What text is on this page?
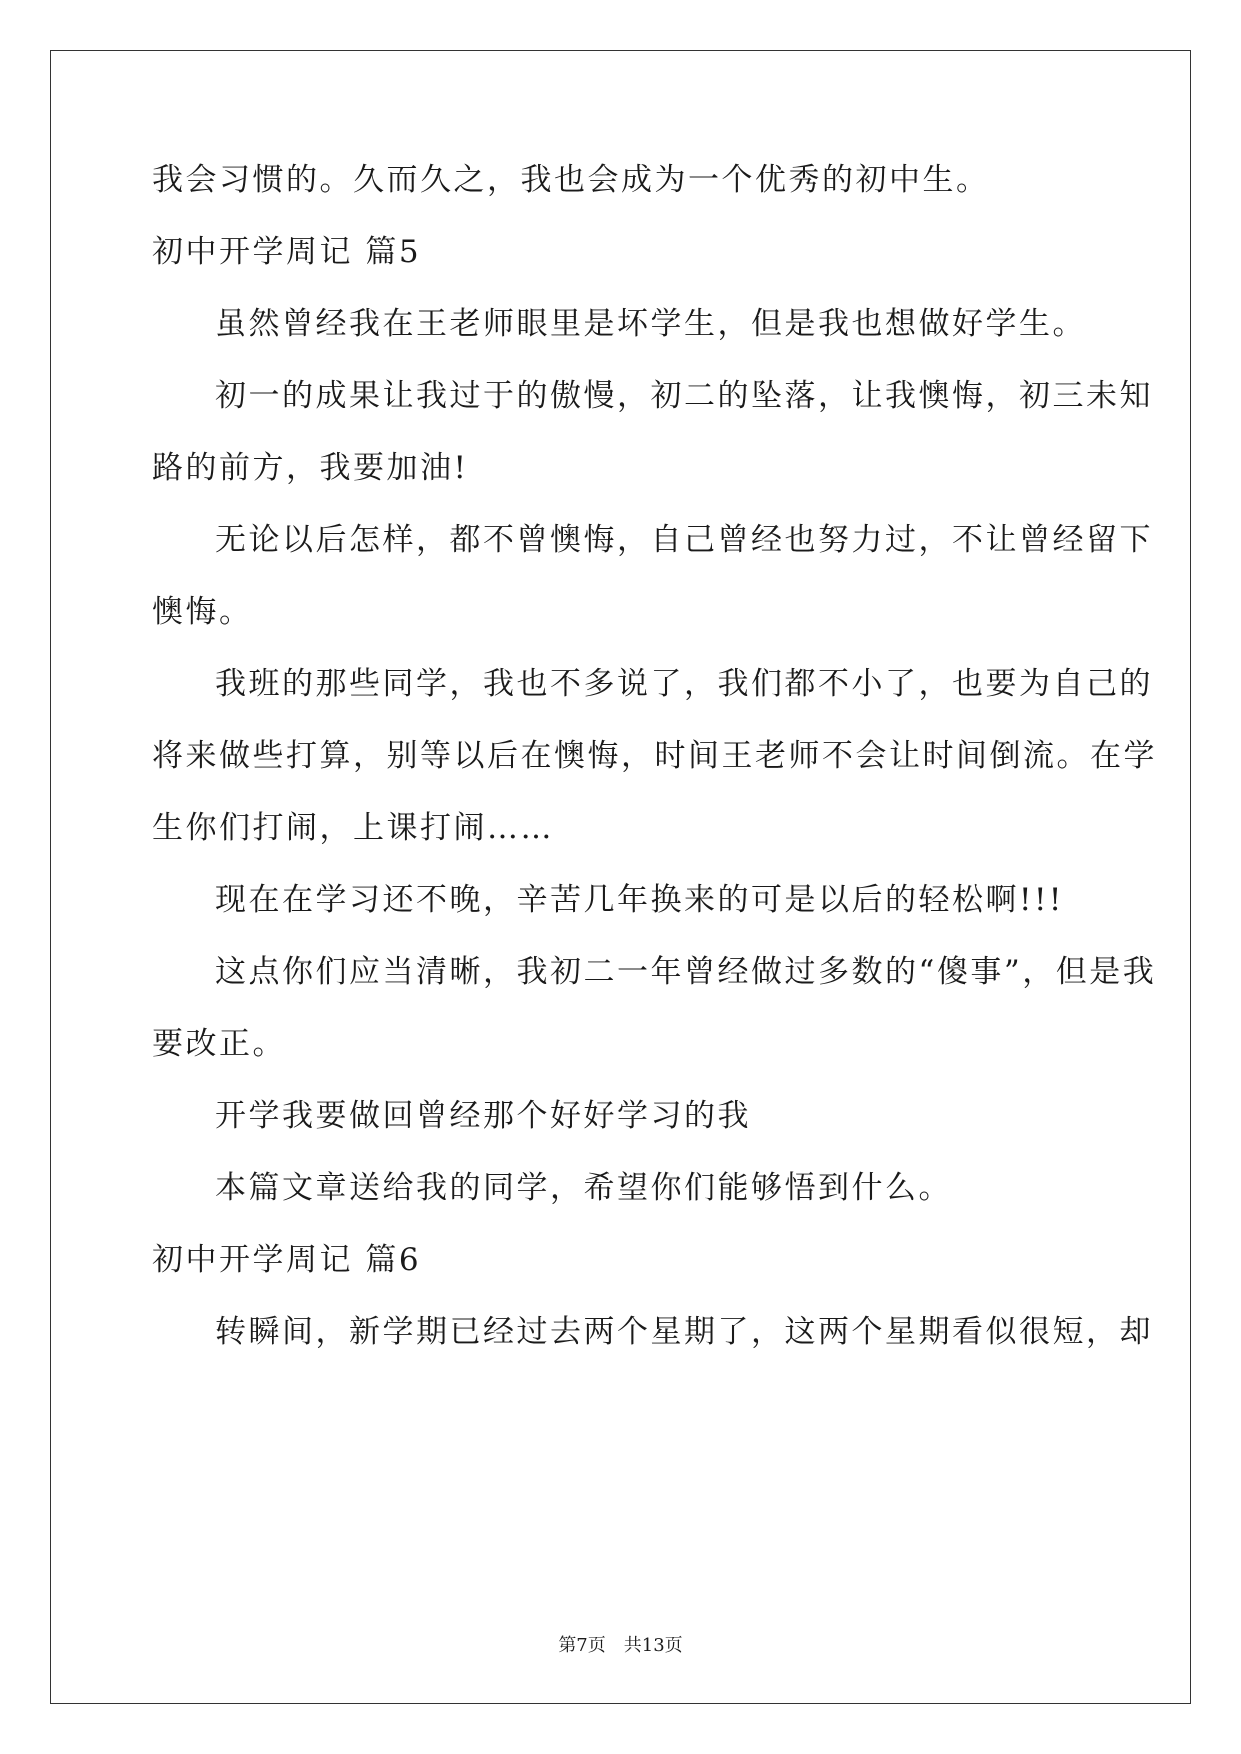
我会习惯的。久而久之，我也会成为一个优秀的初中生。
初中开学周记 篇5
虽然曾经我在王老师眼里是坏学生，但是我也想做好学生。
初一的成果让我过于的傲慢，初二的坠落，让我懊悔，初三未知
路的前方，我要加油!
无论以后怎样，都不曾懊悔，自己曾经也努力过，不让曾经留下
懊悔。
我班的那些同学，我也不多说了，我们都不小了，也要为自己的
将来做些打算，别等以后在懊悔，时间王老师不会让时间倒流。在学
生你们打闹，上课打闹……
现在在学习还不晚，辛苦几年换来的可是以后的轻松啊!!!
这点你们应当清晰，我初二一年曾经做过多数的“傻事”，但是我
要改正。
开学我要做回曾经那个好好学习的我
本篇文章送给我的同学，希望你们能够悟到什么。
初中开学周记 篇6
转瞬间，新学期已经过去两个星期了，这两个星期看似很短，却
第7页　共13页
